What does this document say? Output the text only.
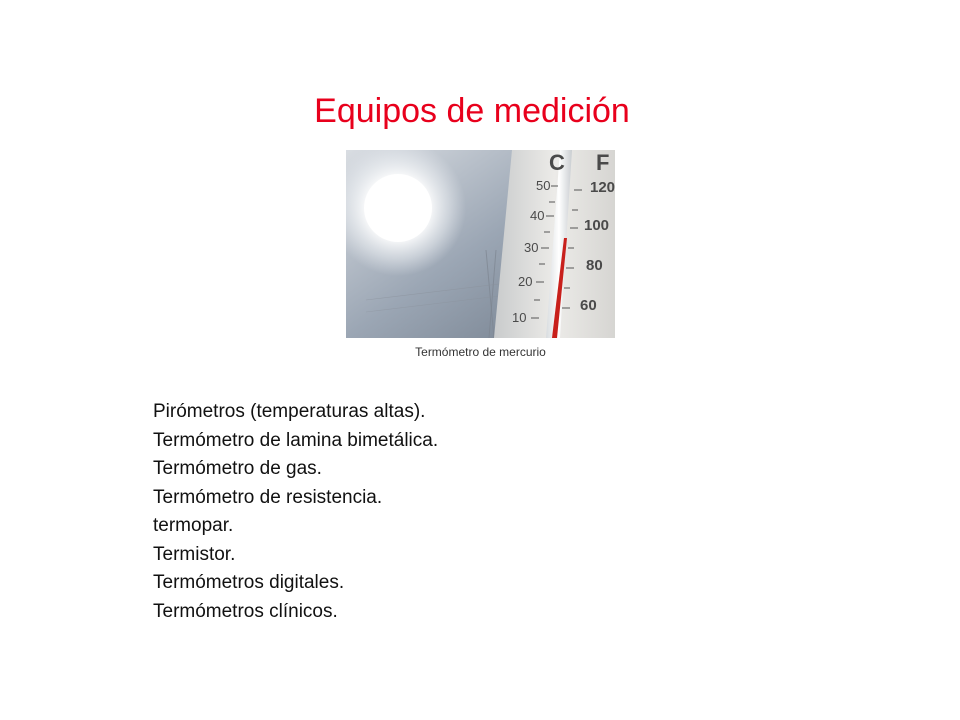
Equipos de medición
C F
50
40
30
20
10
120
100
80
60
Termómetro de mercurio
Pirómetros (temperaturas altas).
Termómetro de lamina bimetálica.
Termómetro de gas.
Termómetro de resistencia.
termopar.
Termistor.
Termómetros digitales.
Termómetros clínicos.
